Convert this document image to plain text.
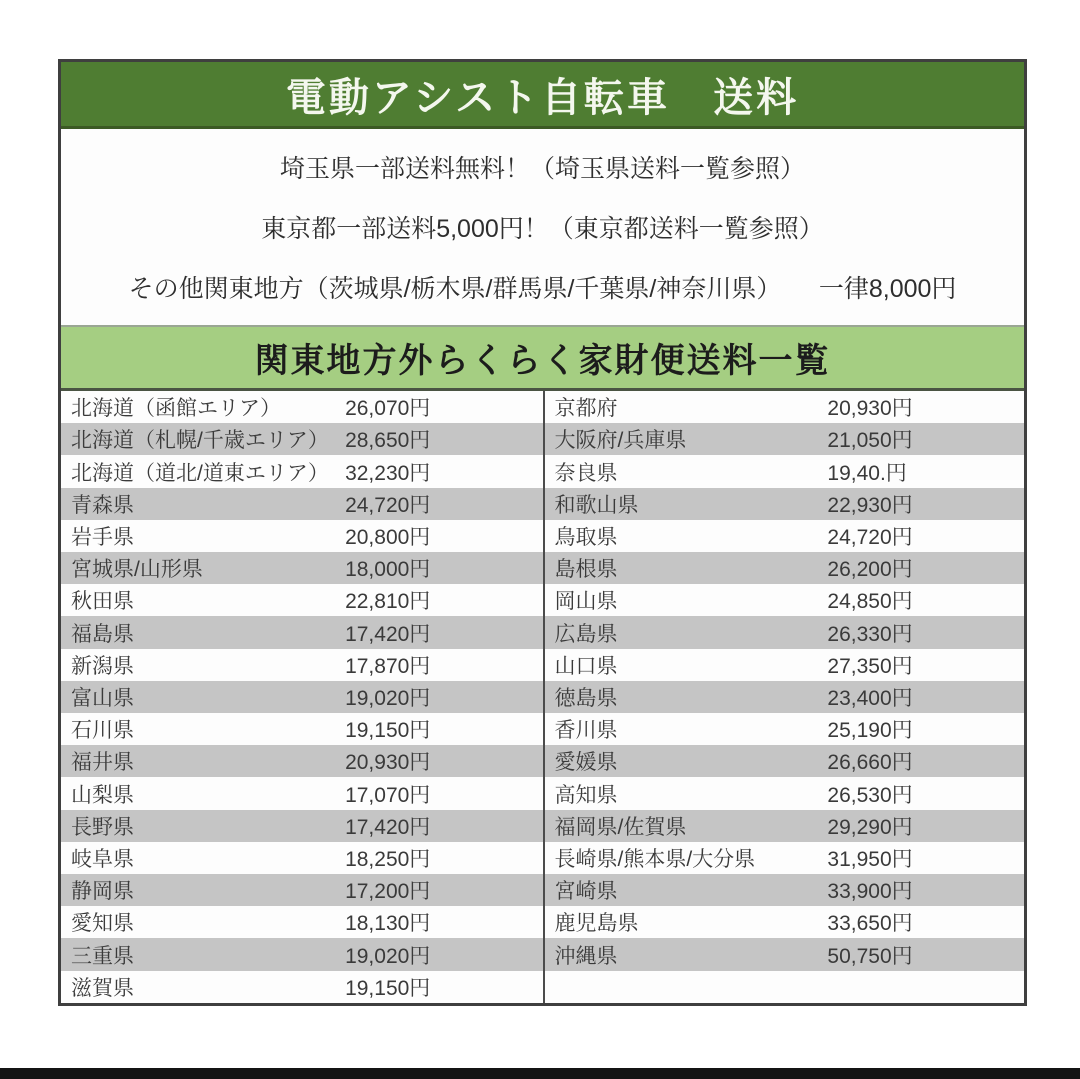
電動アシスト自転車　送料
埼玉県一部送料無料！（埼玉県送料一覧参照）
東京都一部送料5,000円！（東京都送料一覧参照）
その他関東地方（茨城県/栃木県/群馬県/千葉県/神奈川県）　　一律8,000円
関東地方外らくらく家財便送料一覧
北海道（函館エリア）	26,070円
北海道（札幌/千歳エリア） 28,650円
北海道（道北/道東エリア） 32,230円
青森県	24,720円
岩手県	20,800円
宮城県/山形県	18,000円
秋田県	22,810円
福島県	17,420円
新潟県	17,870円
富山県	19,020円
石川県	19,150円
福井県	20,930円
山梨県	17,070円
長野県	17,420円
岐阜県	18,250円
静岡県	17,200円
愛知県	18,130円
三重県	19,020円
滋賀県	19,150円
京都府	20,930円
大阪府/兵庫県	21,050円
奈良県	19,40.円
和歌山県	22,930円
鳥取県	24,720円
島根県	26,200円
岡山県	24,850円
広島県	26,330円
山口県	27,350円
徳島県	23,400円
香川県	25,190円
愛媛県	26,660円
高知県	26,530円
福岡県/佐賀県	29,290円
長崎県/熊本県/大分県	31,950円
宮崎県	33,900円
鹿児島県	33,650円
沖縄県	50,750円
